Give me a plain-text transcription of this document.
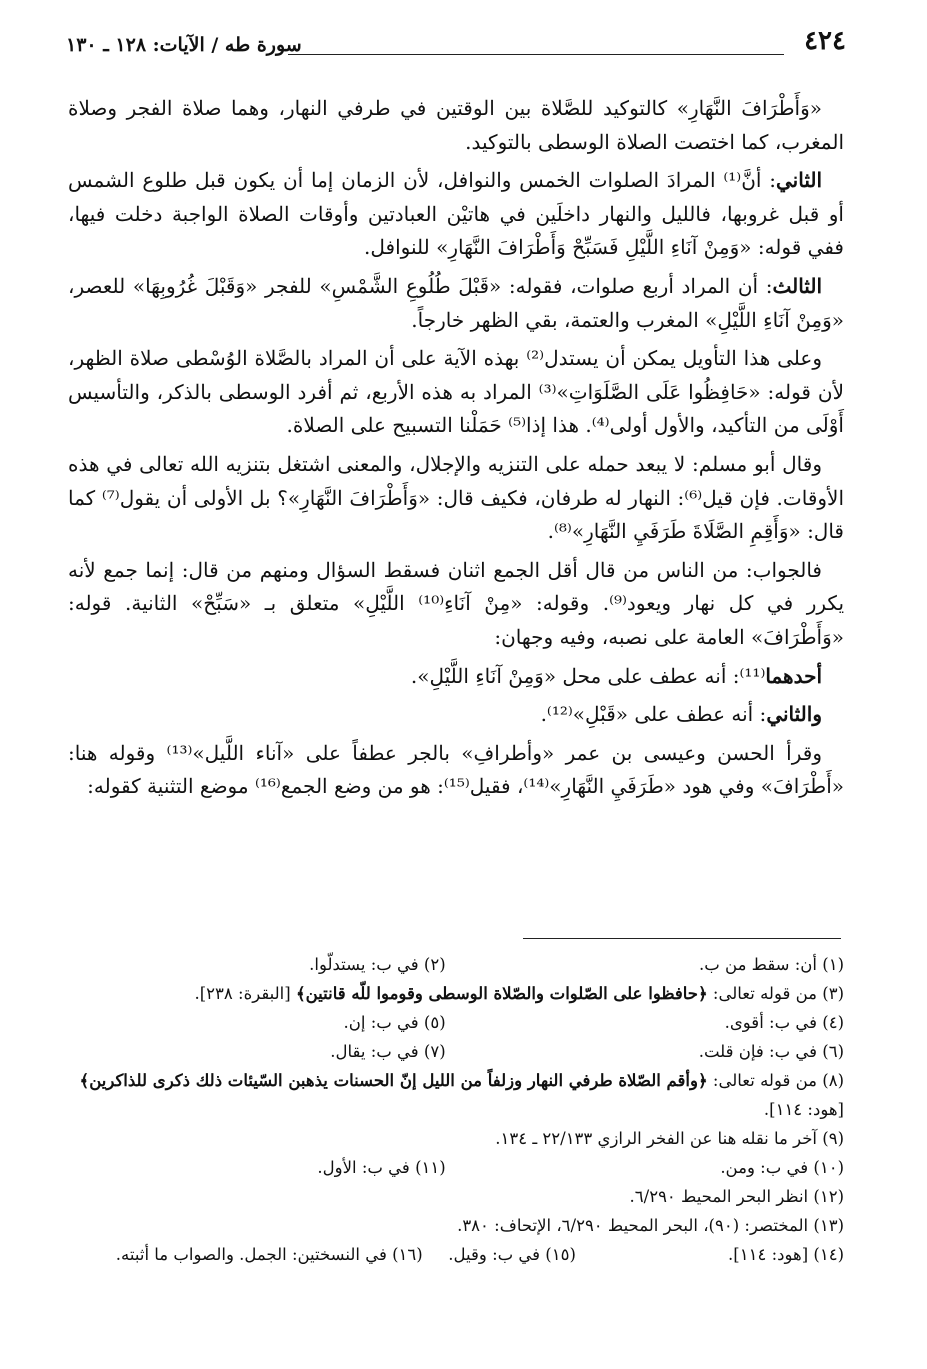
٤٢٤
سورة طه / الآيات: ١٢٨ ـ ١٣٠

«وَأَطْرَافَ النَّهَارِ» كالتوكيد للصَّلاة بين الوقتين في طرفي النهار، وهما صلاة الفجر وصلاة المغرب، كما اختصت الصلاة الوسطى بالتوكيد.

الثاني: أنَّ⁽¹⁾ المرادَ الصلوات الخمس والنوافل، لأن الزمان إما أن يكون قبل طلوع الشمس أو قبل غروبها، فالليل والنهار داخلَين في هاتيْن العبادتين وأوقات الصلاة الواجبة دخلت فيها، ففي قوله: «وَمِنْ آنَاءِ اللَّيْلِ فَسَبِّحْ وَأَطْرَافَ النَّهَارِ» للنوافل.

الثالث: أن المراد أربع صلوات، فقوله: «قَبْلَ طُلُوعِ الشَّمْسِ» للفجر «وَقَبْلَ غُرُوبِهَا» للعصر، «وَمِنْ آنَاءِ اللَّيْلِ» المغرب والعتمة، بقي الظهر خارجاً.

وعلى هذا التأويل يمكن أن يستدل⁽²⁾ بهذه الآية على أن المراد بالصَّلاة الوُسْطى صلاة الظهر، لأن قوله: «حَافِظُوا عَلَى الصَّلَوَاتِ»⁽³⁾ المراد به هذه الأربع، ثم أفرد الوسطى بالذكر، والتأسيس أَوْلَى من التأكيد، والأول أولى⁽⁴⁾. هذا إذا⁽⁵⁾ حَمَلْنا التسبيح على الصلاة.

وقال أبو مسلم: لا يبعد حمله على التنزيه والإجلال، والمعنى اشتغل بتنزيه الله تعالى في هذه الأوقات. فإن قيل⁽⁶⁾: النهار له طرفان، فكيف قال: «وَأَطْرَافَ النَّهَارِ»؟ بل الأولى أن يقول⁽⁷⁾ كما قال: «وَأَقِمِ الصَّلَاةَ طَرَفَيِ النَّهَارِ»⁽⁸⁾.

فالجواب: من الناس من قال أقل الجمع اثنان فسقط السؤال ومنهم من قال: إنما جمع لأنه يكرر في كل نهار ويعود⁽⁹⁾. وقوله: «مِنْ آنَاءِ⁽¹⁰⁾ اللَّيْلِ» متعلق بـ «سَبِّحْ» الثانية. قوله: «وَأَطْرَافَ» العامة على نصبه، وفيه وجهان:

أحدهما⁽¹¹⁾: أنه عطف على محل «وَمِنْ آنَاءِ اللَّيْلِ».

والثاني: أنه عطف على «قَبْلِ»⁽¹²⁾.

وقرأ الحسن وعيسى بن عمر «وأطرافِ» بالجر عطفاً على «آناء اللَّيل»⁽¹³⁾ وقوله هنا: «أَطْرَافَ» وفي هود «طَرَفَيِ النَّهَارِ»⁽¹⁴⁾، فقيل⁽¹⁵⁾: هو من وضع الجمع⁽¹⁶⁾ موضع التثنية كقوله:

(١) أن: سقط من ب.
(٢) في ب: يستدلّوا.

(٣) من قوله تعالى: ﴿حافظوا على الصّلوات والصّلاة الوسطى وقوموا للّه قانتين﴾ [البقرة: ٢٣٨].

(٤) في ب: أقوى.
(٥) في ب: إن.
(٦) في ب: فإن قلت.
(٧) في ب: يقال.

(٨) من قوله تعالى: ﴿وأقم الصّلاة طرفي النهار وزلفاً من الليل إنّ الحسنات يذهبن السّيئات ذلك ذكرى للذاكرين﴾ [هود: ١١٤].

(٩) آخر ما نقله هنا عن الفخر الرازي ٢٢/١٣٣ ـ ١٣٤.

(١٠) في ب: ومن.
(١١) في ب: الأول.

(١٢) انظر البحر المحيط ٦/٢٩٠.

(١٣) المختصر: (٩٠)، البحر المحيط ٦/٢٩٠، الإتحاف: ٣٨٠.

(١٤) [هود: ١١٤].
(١٥) في ب: وقيل.
(١٦) في النسختين: الجمل. والصواب ما أثبته.
